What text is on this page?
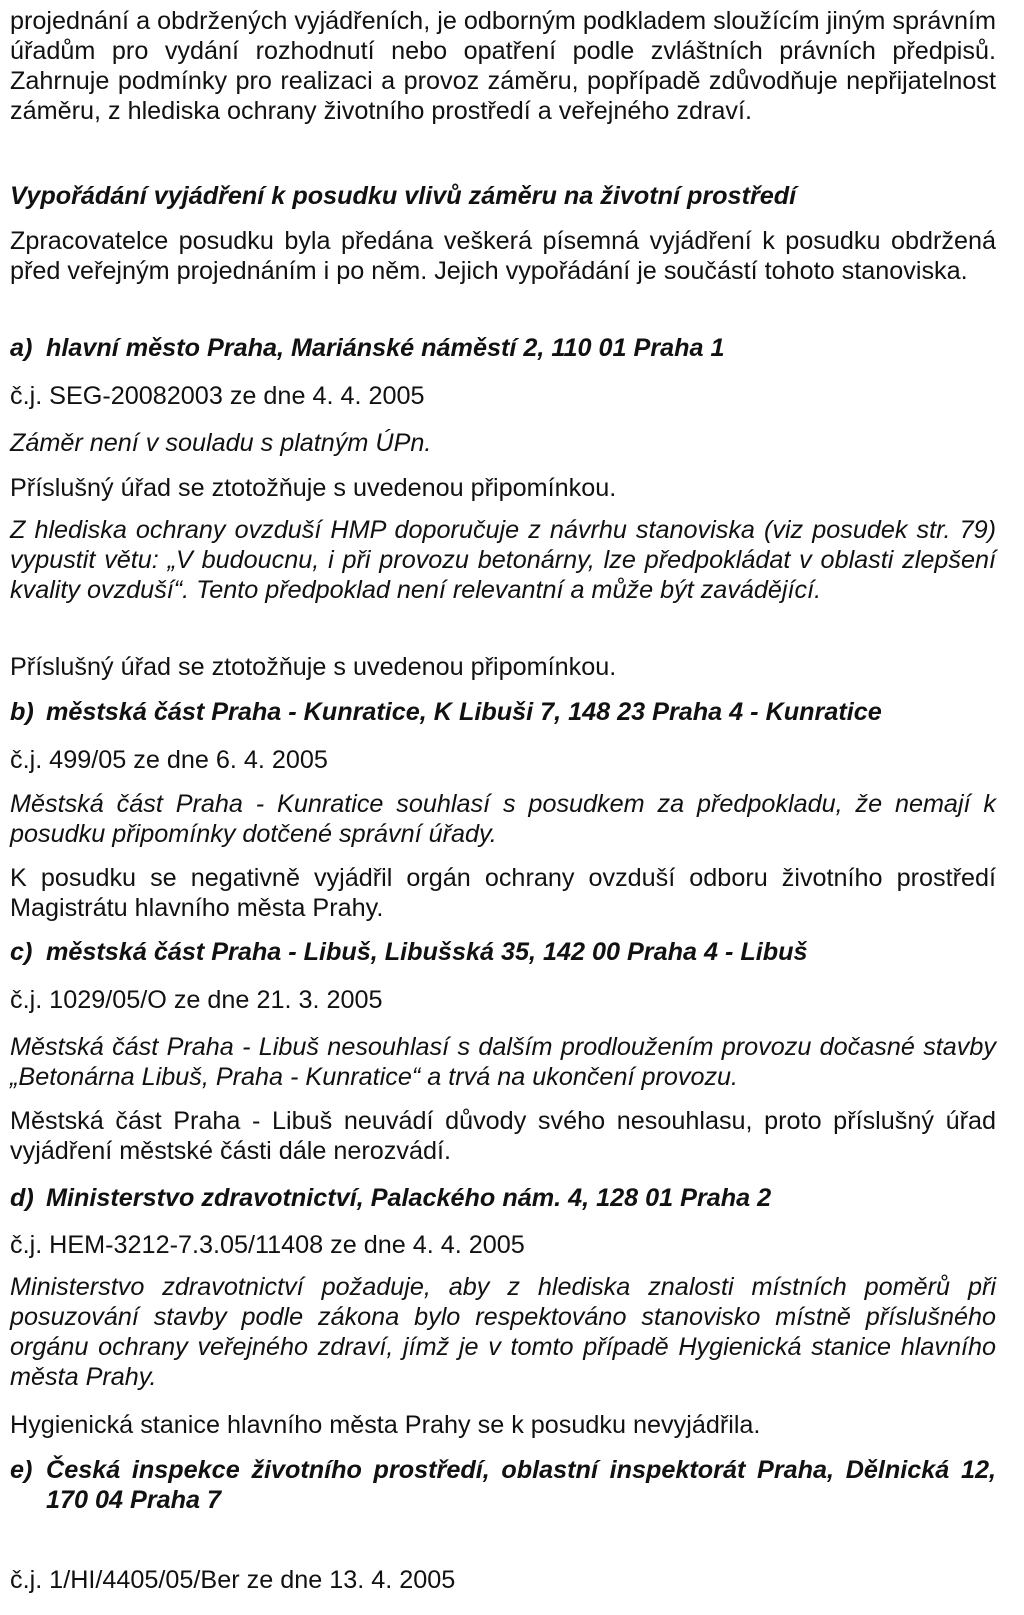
projednání a obdržených vyjádřeních, je odborným podkladem sloužícím jiným správním úřadům pro vydání rozhodnutí nebo opatření podle zvláštních právních předpisů. Zahrnuje podmínky pro realizaci a provoz záměru, popřípadě zdůvodňuje nepřijatelnost záměru, z hlediska ochrany životního prostředí a veřejného zdraví.

Vypořádání vyjádření k posudku vlivů záměru na životní prostředí

Zpracovatelce posudku byla předána veškerá písemná vyjádření k posudku obdržená před veřejným projednáním i po něm. Jejich vypořádání je součástí tohoto stanoviska.

a) hlavní město Praha, Mariánské náměstí 2, 110 01 Praha 1

č.j. SEG-20082003 ze dne 4. 4. 2005

Záměr není v souladu s platným ÚPn.

Příslušný úřad se ztotožňuje s uvedenou připomínkou.

Z hlediska ochrany ovzduší HMP doporučuje z návrhu stanoviska (viz posudek str. 79) vypustit větu: „V budoucnu, i při provozu betonárny, lze předpokládat v oblasti zlepšení kvality ovzduší“. Tento předpoklad není relevantní a může být zavádějící.

Příslušný úřad se ztotožňuje s uvedenou připomínkou.

b) městská část Praha - Kunratice, K Libuši 7, 148 23 Praha 4 - Kunratice

č.j. 499/05 ze dne 6. 4. 2005

Městská část Praha - Kunratice souhlasí s posudkem za předpokladu, že nemají k posudku připomínky dotčené správní úřady.

K posudku se negativně vyjádřil orgán ochrany ovzduší odboru životního prostředí Magistrátu hlavního města Prahy.

c) městská část Praha - Libuš, Libušská 35, 142 00 Praha 4 - Libuš

č.j. 1029/05/O ze dne 21. 3. 2005

Městská část Praha - Libuš nesouhlasí s dalším prodloužením provozu dočasné stavby „Betonárna Libuš, Praha - Kunratice“ a trvá na ukončení provozu.

Městská část Praha - Libuš neuvádí důvody svého nesouhlasu, proto příslušný úřad vyjádření městské části dále nerozvádí.

d) Ministerstvo zdravotnictví, Palackého nám. 4, 128 01 Praha 2

č.j. HEM-3212-7.3.05/11408 ze dne 4. 4. 2005

Ministerstvo zdravotnictví požaduje, aby z hlediska znalosti místních poměrů při posuzování stavby podle zákona bylo respektováno stanovisko místně příslušného orgánu ochrany veřejného zdraví, jímž je v tomto případě Hygienická stanice hlavního města Prahy.

Hygienická stanice hlavního města Prahy se k posudku nevyjádřila.

e) Česká inspekce životního prostředí, oblastní inspektorát Praha, Dělnická 12, 170 04 Praha 7

č.j. 1/HI/4405/05/Ber ze dne 13. 4. 2005
